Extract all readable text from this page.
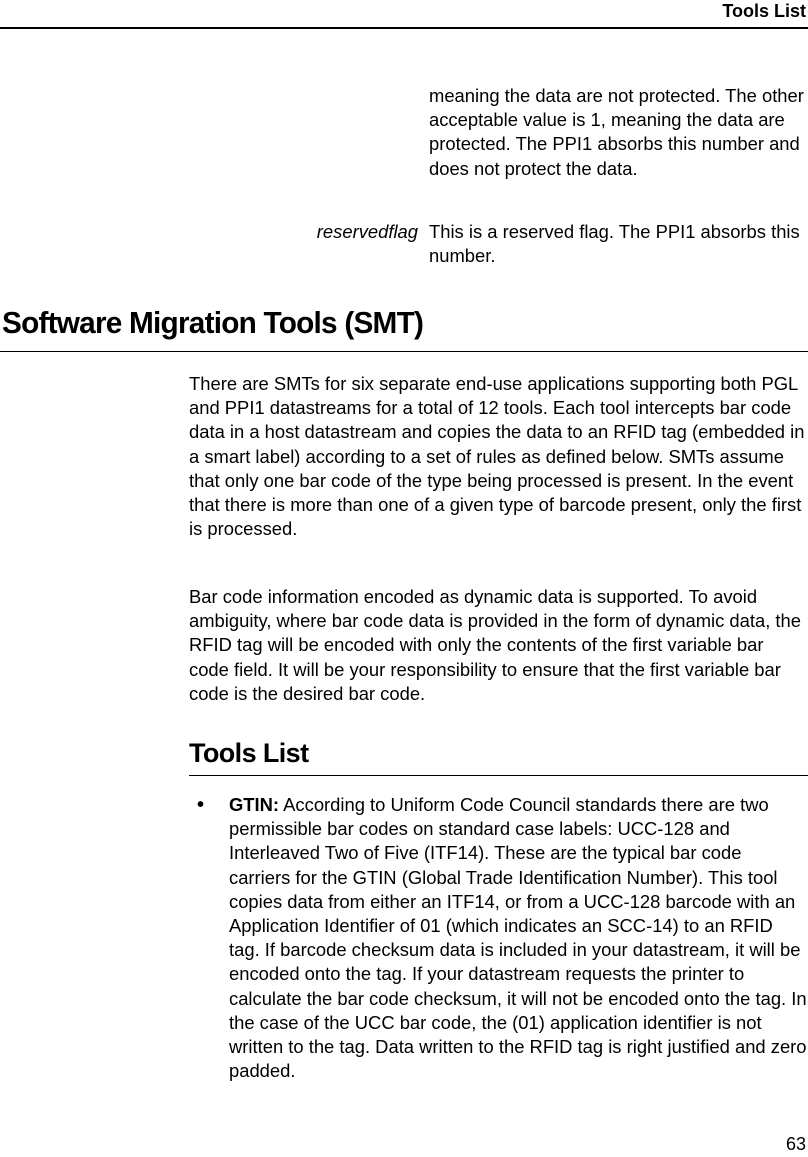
Tools List
meaning the data are not protected. The other acceptable value is 1, meaning the data are protected. The PPI1 absorbs this number and does not protect the data.
reservedflag This is a reserved flag. The PPI1 absorbs this number.
Software Migration Tools (SMT)
There are SMTs for six separate end-use applications supporting both PGL and PPI1 datastreams for a total of 12 tools. Each tool intercepts bar code data in a host datastream and copies the data to an RFID tag (embedded in a smart label) according to a set of rules as defined below. SMTs assume that only one bar code of the type being processed is present. In the event that there is more than one of a given type of barcode present, only the first is processed.
Bar code information encoded as dynamic data is supported. To avoid ambiguity, where bar code data is provided in the form of dynamic data, the RFID tag will be encoded with only the contents of the first variable bar code field. It will be your responsibility to ensure that the first variable bar code is the desired bar code.
Tools List
• GTIN: According to Uniform Code Council standards there are two permissible bar codes on standard case labels: UCC-128 and Interleaved Two of Five (ITF14). These are the typical bar code carriers for the GTIN (Global Trade Identification Number). This tool copies data from either an ITF14, or from a UCC-128 barcode with an Application Identifier of 01 (which indicates an SCC-14) to an RFID tag. If barcode checksum data is included in your datastream, it will be encoded onto the tag. If your datastream requests the printer to calculate the bar code checksum, it will not be encoded onto the tag. In the case of the UCC bar code, the (01) application identifier is not written to the tag. Data written to the RFID tag is right justified and zero padded.
63
